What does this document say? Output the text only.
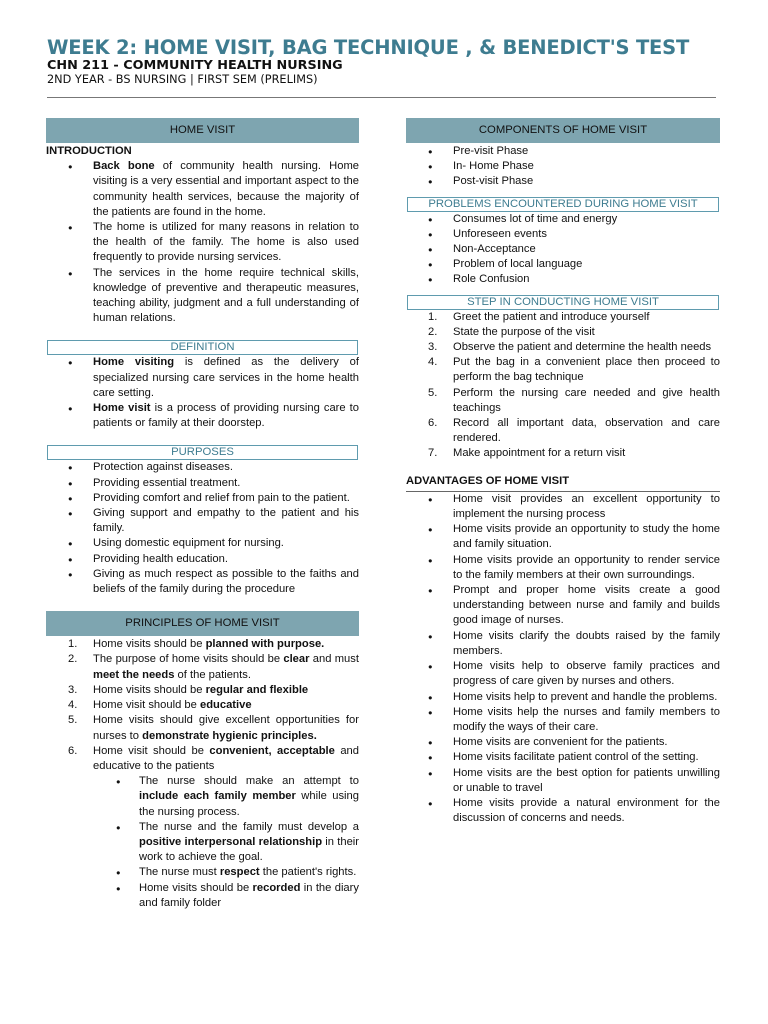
WEEK 2: HOME VISIT, BAG TECHNIQUE , & BENEDICT'S TEST
CHN 211 - COMMUNITY HEALTH NURSING
2ND YEAR - BS NURSING | FIRST SEM (PRELIMS)
HOME VISIT
INTRODUCTION
● Back bone of community health nursing. Home visiting is a very essential and important aspect to the community health services, because the majority of the patients are found in the home.
● The home is utilized for many reasons in relation to the health of the family. The home is also used frequently to provide nursing services.
● The services in the home require technical skills, knowledge of preventive and therapeutic measures, teaching ability, judgment and a full understanding of human relations.
DEFINITION
● Home visiting is defined as the delivery of specialized nursing care services in the home health care setting.
● Home visit is a process of providing nursing care to patients or family at their doorstep.
PURPOSES
● Protection against diseases.
● Providing essential treatment.
● Providing comfort and relief from pain to the patient.
● Giving support and empathy to the patient and his family.
● Using domestic equipment for nursing.
● Providing health education.
● Giving as much respect as possible to the faiths and beliefs of the family during the procedure
PRINCIPLES OF HOME VISIT
1. Home visits should be planned with purpose.
2. The purpose of home visits should be clear and must meet the needs of the patients.
3. Home visits should be regular and flexible
4. Home visit should be educative
5. Home visits should give excellent opportunities for nurses to demonstrate hygienic principles.
6. Home visit should be convenient, acceptable and educative to the patients
● The nurse should make an attempt to include each family member while using the nursing process.
● The nurse and the family must develop a positive interpersonal relationship in their work to achieve the goal.
● The nurse must respect the patient's rights.
● Home visits should be recorded in the diary and family folder
COMPONENTS OF HOME VISIT
● Pre-visit Phase
● In- Home Phase
● Post-visit Phase
PROBLEMS ENCOUNTERED DURING HOME VISIT
● Consumes lot of time and energy
● Unforeseen events
● Non-Acceptance
● Problem of local language
● Role Confusion
STEP IN CONDUCTING HOME VISIT
1. Greet the patient and introduce yourself
2. State the purpose of the visit
3. Observe the patient and determine the health needs
4. Put the bag in a convenient place then proceed to perform the bag technique
5. Perform the nursing care needed and give health teachings
6. Record all important data, observation and care rendered.
7. Make appointment for a return visit
ADVANTAGES OF HOME VISIT
● Home visit provides an excellent opportunity to implement the nursing process
● Home visits provide an opportunity to study the home and family situation.
● Home visits provide an opportunity to render service to the family members at their own surroundings.
● Prompt and proper home visits create a good understanding between nurse and family and builds good image of nurses.
● Home visits clarify the doubts raised by the family members.
● Home visits help to observe family practices and progress of care given by nurses and others.
● Home visits help to prevent and handle the problems.
● Home visits help the nurses and family members to modify the ways of their care.
● Home visits are convenient for the patients.
● Home visits facilitate patient control of the setting.
● Home visits are the best option for patients unwilling or unable to travel
● Home visits provide a natural environment for the discussion of concerns and needs.
